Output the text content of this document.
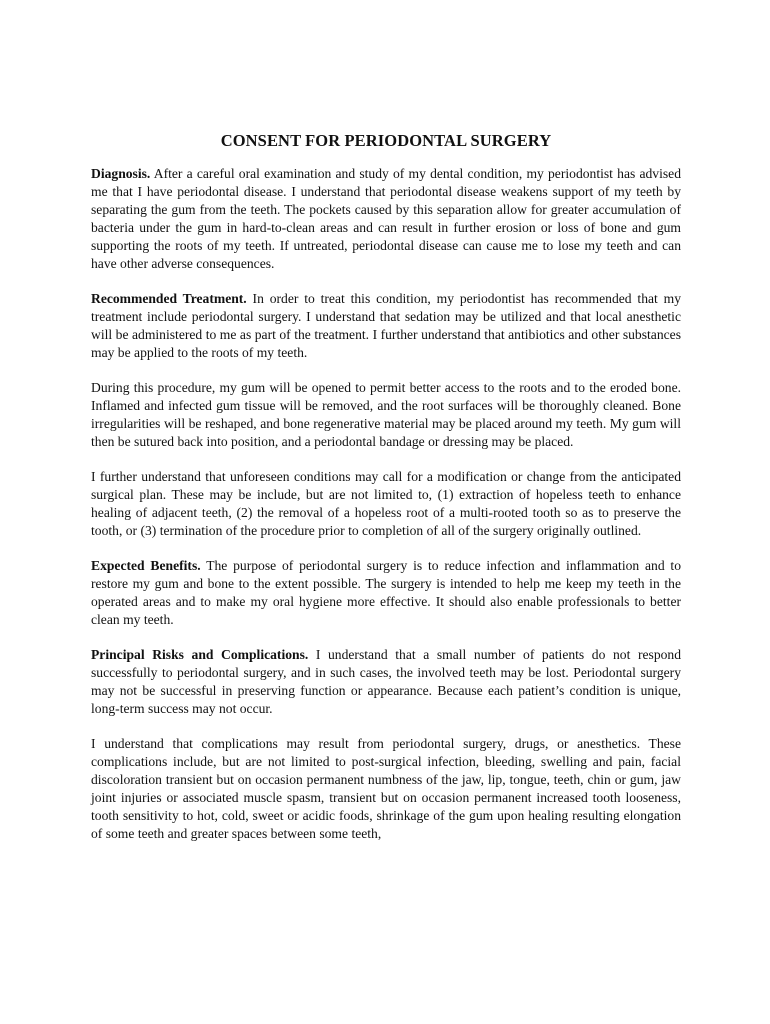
CONSENT FOR PERIODONTAL SURGERY

Diagnosis. After a careful oral examination and study of my dental condition, my periodontist has advised me that I have periodontal disease. I understand that periodontal disease weakens support of my teeth by separating the gum from the teeth. The pockets caused by this separation allow for greater accumulation of bacteria under the gum in hard-to-clean areas and can result in further erosion or loss of bone and gum supporting the roots of my teeth. If untreated, periodontal disease can cause me to lose my teeth and can have other adverse consequences.

Recommended Treatment. In order to treat this condition, my periodontist has recommended that my treatment include periodontal surgery. I understand that sedation may be utilized and that local anesthetic will be administered to me as part of the treatment. I further understand that antibiotics and other substances may be applied to the roots of my teeth.

During this procedure, my gum will be opened to permit better access to the roots and to the eroded bone. Inflamed and infected gum tissue will be removed, and the root surfaces will be thoroughly cleaned. Bone irregularities will be reshaped, and bone regenerative material may be placed around my teeth. My gum will then be sutured back into position, and a periodontal bandage or dressing may be placed.

I further understand that unforeseen conditions may call for a modification or change from the anticipated surgical plan. These may be include, but are not limited to, (1) extraction of hopeless teeth to enhance healing of adjacent teeth, (2) the removal of a hopeless root of a multi-rooted tooth so as to preserve the tooth, or (3) termination of the procedure prior to completion of all of the surgery originally outlined.

Expected Benefits. The purpose of periodontal surgery is to reduce infection and inflammation and to restore my gum and bone to the extent possible. The surgery is intended to help me keep my teeth in the operated areas and to make my oral hygiene more effective. It should also enable professionals to better clean my teeth.

Principal Risks and Complications. I understand that a small number of patients do not respond successfully to periodontal surgery, and in such cases, the involved teeth may be lost. Periodontal surgery may not be successful in preserving function or appearance. Because each patient’s condition is unique, long-term success may not occur.

I understand that complications may result from periodontal surgery, drugs, or anesthetics. These complications include, but are not limited to post-surgical infection, bleeding, swelling and pain, facial discoloration transient but on occasion permanent numbness of the jaw, lip, tongue, teeth, chin or gum, jaw joint injuries or associated muscle spasm, transient but on occasion permanent increased tooth looseness, tooth sensitivity to hot, cold, sweet or acidic foods, shrinkage of the gum upon healing resulting elongation of some teeth and greater spaces between some teeth,
